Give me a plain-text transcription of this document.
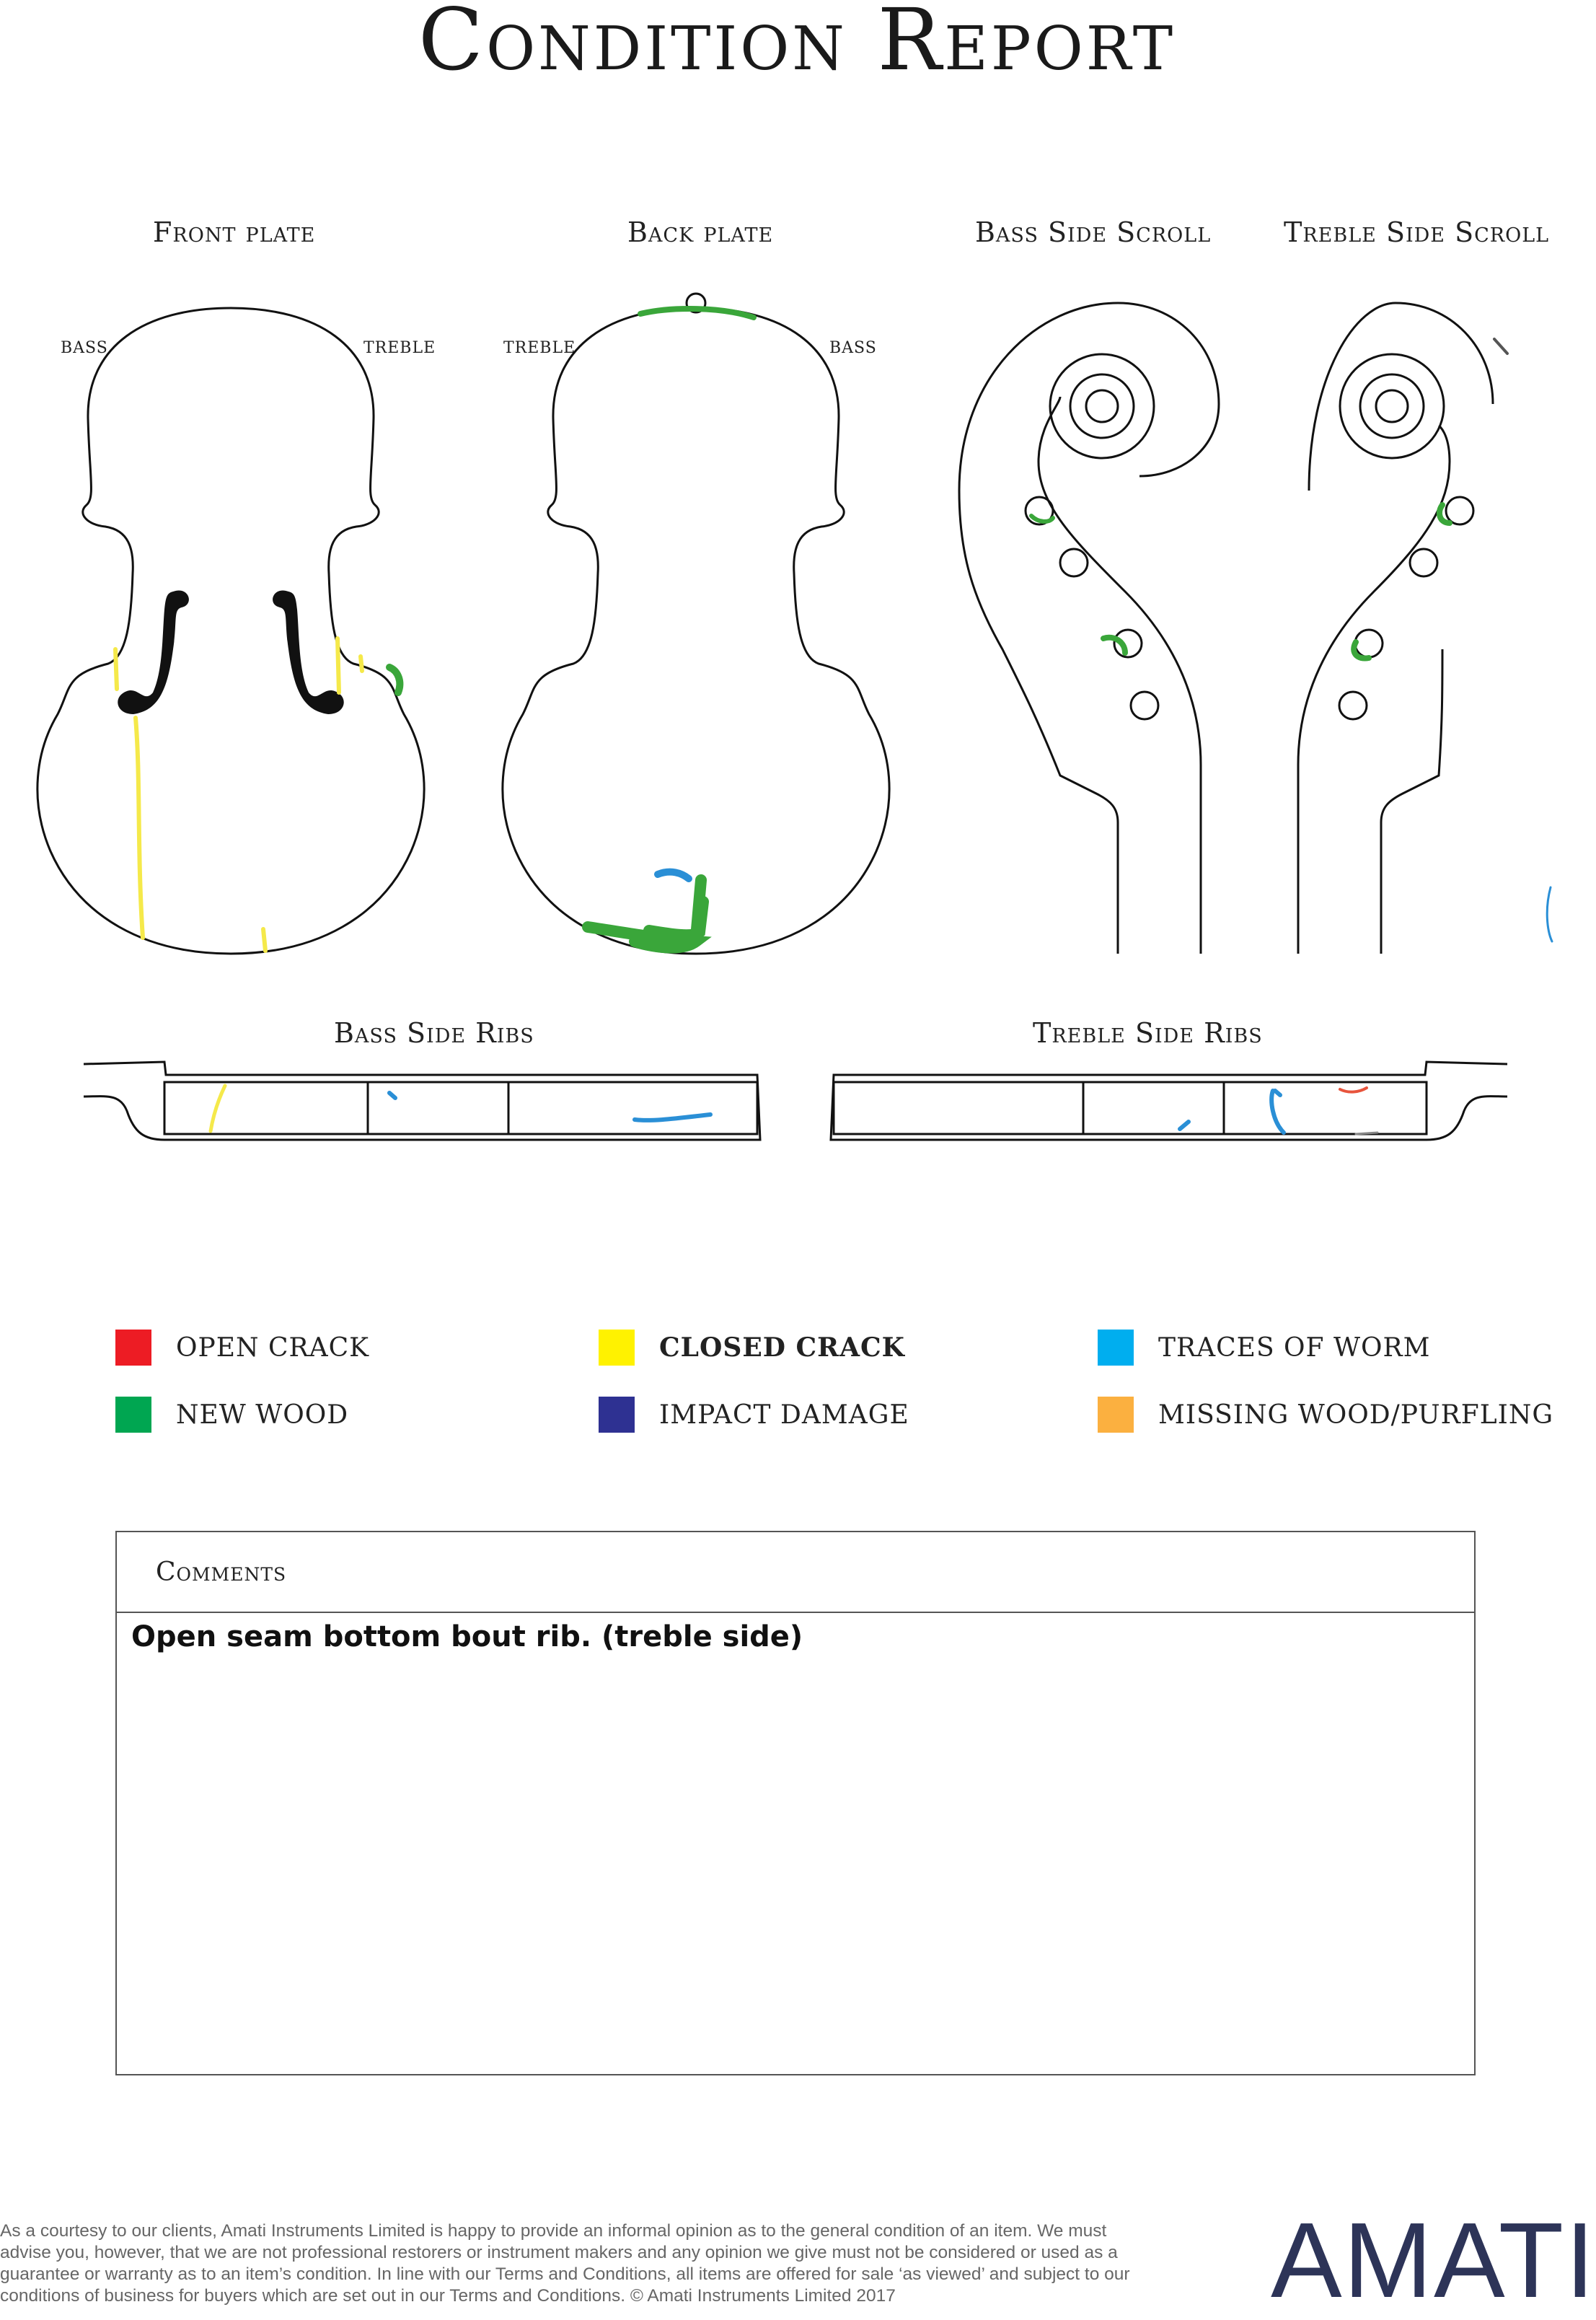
Condition Report
Front plate	Back plate	Bass Side Scroll	Treble Side Scroll
Bass Side Ribs	Treble Side Ribs
BASS	TREBLE	TREBLE	BASS
OPEN CRACK	CLOSED CRACK	TRACES OF WORM
NEW WOOD	IMPACT DAMAGE	MISSING WOOD/PURFLING
Comments
Open seam bottom bout rib. (treble side)
As a courtesy to our clients, Amati Instruments Limited is happy to provide an informal opinion as to the general condition of an item. We must advise you, however, that we are not professional restorers or instrument makers and any opinion we give must not be considered or used as a guarantee or warranty as to an item’s condition. In line with our Terms and Conditions, all items are offered for sale ‘as viewed’ and subject to our conditions of business for buyers which are set out in our Terms and Conditions. © Amati Instruments Limited 2017	AMATI
